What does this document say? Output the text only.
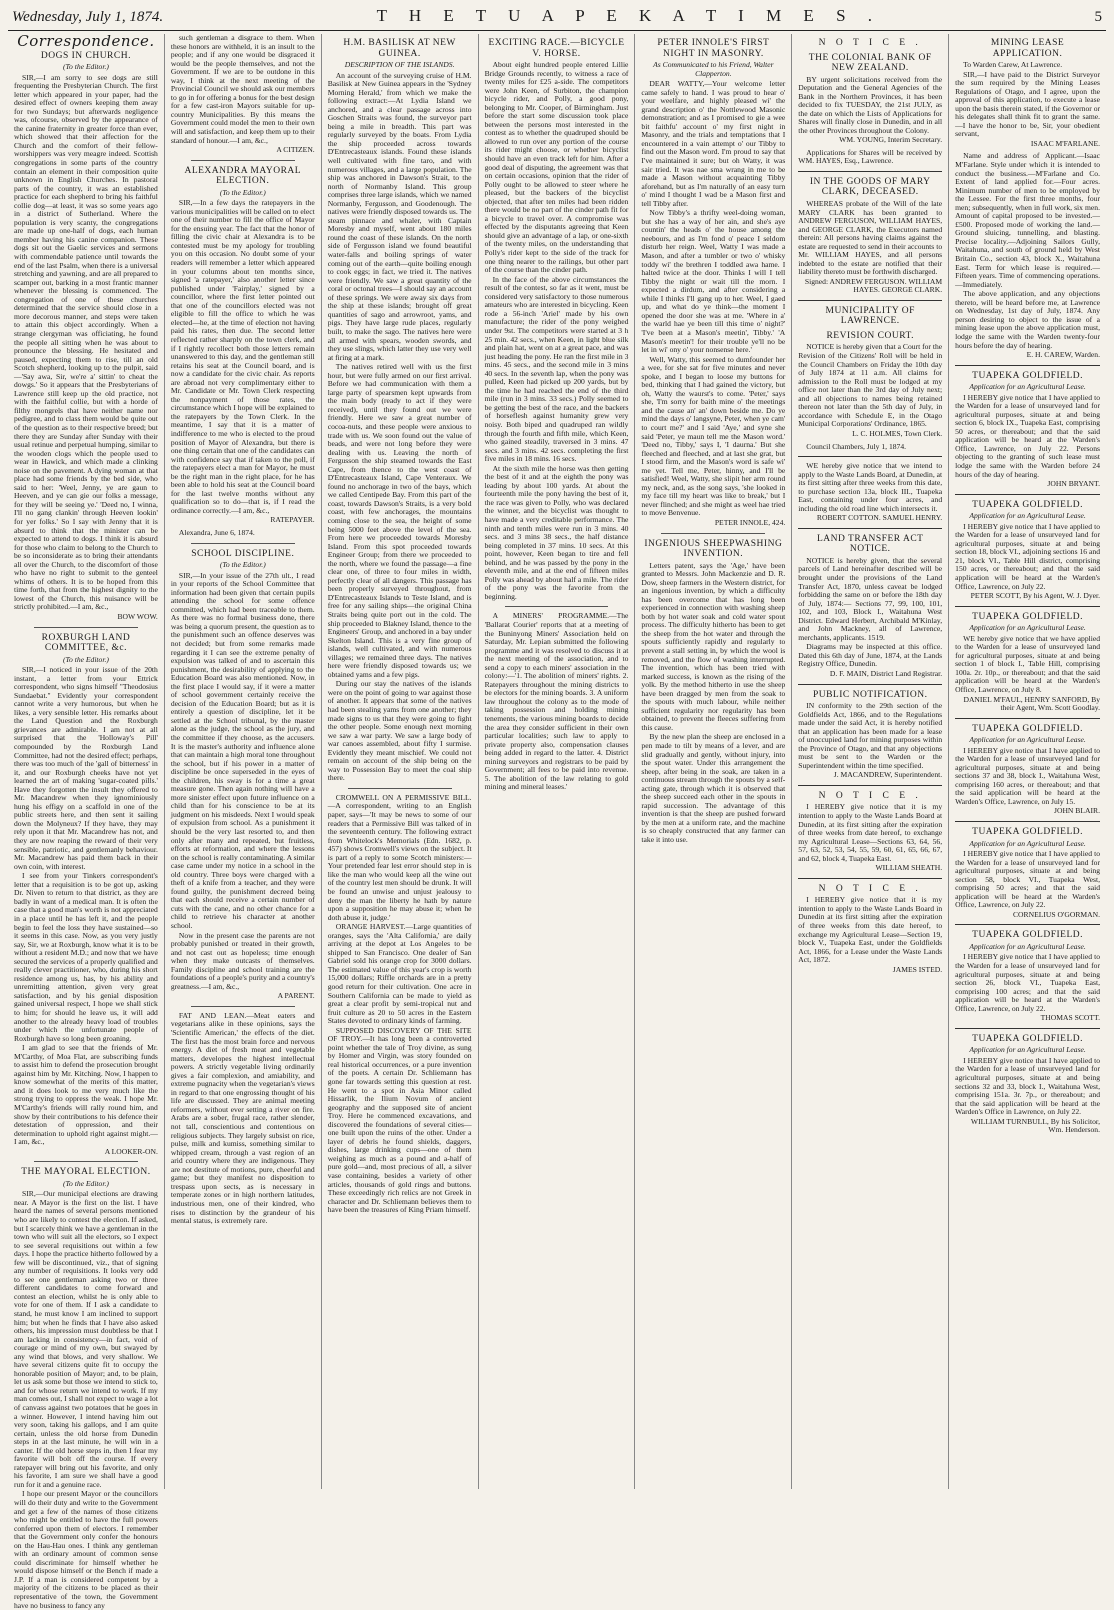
Wednesday, July 1, 1874.	T H E T U A P E K A T I M E S .	5
Correspondence.
DOGS IN CHURCH.
(To the Editor.)

SIR,—I am sorry to see dogs are still frequenting the Presbyterian Church. The first letter which appeared in your paper, had the desired effect of owners keeping them away for two Sundays; but afterwards negligence was, ofcourse, observed by the appearance of the canine fraternity in greater force than ever, which showed that their affection for the Church and the comfort of their fellow-worshippers was very meagre indeed. Scottish congregations in some parts of the country contain an element in their composition quite unknown in English Churches. In pastoral parts of the country, it was an established practice for each shepherd to bring his faithful collie dog—at least, it was so some years ago in a district of Sutherland. Where the population is very scanty, the congregations are made up one-half of dogs, each human member having his canine companion. These dogs sit out the Gaelic services and sermons with commendable patience until towards the end of the last Psalm, when there is a universal stretching and yawning, and are all prepared to scamper out, barking in a most frantic manner whenever the blessing is commenced. The congregation of one of these churches determined that the service should close in a more decorous manner, and steps were taken to attain this object accordingly. When a strange clergyman was officiating, he found the people all sitting when he was about to pronounce the blessing. He hesitated and paused, expecting them to rise, till an old Scotch shepherd, looking up to the pulpit, said—'Say awa, Sir, we're a' sittin' to cheat the dowgs.' So it appears that the Presbyterians of Lawrence still keep up the old practice, not with the faithful collie, but with a horde of filthy mongrels that have neither name nor pedigree, and to class them would be quite out of the question as to their respective breed; but there they are Sunday after Sunday with their usual retinue and perpetual humping, similar to the wooden clogs which the people used to wear in Hawick, and which made a clinking noise on the pavement. A dying woman at that place had some friends by the bed side, who said to her: 'Weel, Jenny, ye are gaun to Heeven, and ye can gie our folks a message, for they will be seeing ye.' 'Deed no, I winna, I'll no gang clankin' through Heeven lookin' for yer folks.' So I say with Jenny that it is absurd to think that the minister can be expected to attend to dogs. I think it is absurd for those who claim to belong to the Church to be so inconsiderate as to bring their attendants all over the Church, to the discomfort of those who have no right to submit to the genteel whims of others. It is to be hoped from this time forth, that from the highest dignity to the lowest of the Church, this nuisance will be strictly prohibited.—I am, &c.,

BOW WOW.
ROXBURGH LAND COMMITTEE, &c.
(To the Editor.)

SIR,—I noticed in your issue of the 20th instant, a letter from your Ettrick correspondent, who signs himself "Theodosius Sundaebat." Evidently your correspondent cannot write a very humorous, but when he likes, a very sensible letter. His remarks about the Land Question and the Roxburgh grievances are admirable. I am not at all surprised that the 'Holloway's Pill' compounded by the Roxburgh Land Committee, had not the desired effect; perhaps, there was too much of the 'gall of bitterness' in it, and our Roxburgh cheeks have not yet learned the art of making 'sugar-coated pills.' Have they forgotten the insult they offered to Mr. Macandrew when they ignominiously hung his effigy on a scaffold in one of the public streets here, and then sent it sailing down the Molyneux? If they have, they may rely upon it that Mr. Macandrew has not, and they are now reaping the reward of their very sensible, patriotic, and gentlemanly behaviour. Mr. Macandrew has paid them back in their own coin, with interest.

I see from your Tinkers correspondent's letter that a requisition is to be got up, asking Dr. Niven to return to that district, as they are badly in want of a medical man. It is often the case that a good man's worth is not appreciated in a place until he has left it, and the people begin to feel the loss they have sustained—so it seems in this case. Now, as you very justly say, Sir, we at Roxburgh, know what it is to be without a resident M.D.; and now that we have secured the services of a properly qualified and really clever practitioner, who, during his short residence among us, has, by his ability and unremitting attention, given very great satisfaction, and by his genial disposition gained universal respect, I hope we shall stick to him; for should he leave us, it will add another to the already heavy load of troubles under which the unfortunate people of Roxburgh have so long been groaning.

I am glad to see that the friends of Mr. M'Carthy, of Moa Flat, are subscribing funds to assist him to defend the prosecution brought against him by Mr. Kitching. Now, I happen to know somewhat of the merits of this matter, and it does look to me very much like the strong trying to oppress the weak. I hope Mr. M'Carthy's friends will rally round him, and show by their contributions to his defence their detestation of oppression, and their determination to uphold right against might.—I am, &c.,

A LOOKER-ON.
THE MAYORAL ELECTION.
(To the Editor.)

SIR,—Our municipal elections are drawing near. A Mayor is the first on the list. I have heard the names of several persons mentioned who are likely to contest the election. If asked, but I scarcely think we have a gentleman in the town who will suit all the electors, so I expect to see several requisitions out within a few days. I hope the practice hitherto followed by a few will be discontinued, viz., that of signing any number of requisitions. It looks very odd to see one gentleman asking two or three different candidates to come forward and contest an election, whilst he is only able to vote for one of them. If I ask a candidate to stand, he must know I am inclined to support him; but when he finds that I have also asked others, his impression must doubtless be that I am lacking in consistency—in fact, void of courage or mind of my own, but swayed by any wind that blows, and very shallow. We have several citizens quite fit to occupy the honorable position of Mayor; and, to be plain, let us ask some but those we intend to stick to, and for whose return we intend to work. If my man comes out, I shall not expect to wage a lot of canvass against two potatoes that he goes in a winner. However, I intend having him out very soon, taking his gallops, and I am quite certain, unless the old horse from Dunedin steps in at the last minute, he will win in a canter. If the old horse steps in, then I fear my favorite will bolt off the course. If every ratepayer will bring out his favorite, and only his favorite, I am sure we shall have a good run for it and a genuine race.

I hope our present Mayor or the councillors will do their duty and write to the Government and get a few of the names of those citizens who might be entitled to have the full powers conferred upon them of electors. I remember that the Government only confer the honours on the Hau-Hau ones. I think any gentleman with an ordinary amount of common sense could discriminate for himself whether he would dispose himself or the Bench if made a J.P. If a man is considered competent by a majority of the citizens to be placed as their representative of the town, the Government have no business to fancy any

such gentleman a disgrace to them. When these honors are withheld, it is an insult to the people; and if any one would be disgraced it would be the people themselves, and not the Government. If we are to be outdone in this way, I think at the next meeting of the Provincial Council we should ask our members to go in for offering a bonus for the best design for a few cast-iron Mayors suitable for up-country Municipalities. By this means the Government could model the men to their own will and satisfaction, and keep them up to their standard of honour.—I am, &c.,

A CITIZEN.
ALEXANDRA MAYORAL ELECTION.
(To the Editor.)

SIR,—In a few days the ratepayers in the various municipalities will be called on to elect one of their number to fill the office of Mayor for the ensuing year. The fact that the honor of filling the civic chair at Alexandra is to be contested must be my apology for troubling you on this occasion. No doubt some of your readers will remember a letter which appeared in your columns about ten months since, signed 'a ratepayer,' also another letter since published under 'Fairplay,' signed by a councillor, where the first letter pointed out that one of the councillors elected was not eligible to fill the office to which he was elected—he, at the time of election not having paid his rates, then due. The second letter reflected rather sharply on the town clerk, and if I rightly recollect both those letters remain unanswered to this day, and the gentleman still retains his seat at the Council board, and is now a candidate for the civic chair. As reports are abroad not very complimentary either to Mr. Candidate or Mr. Town Clerk respecting the nonpayment of those rates, the circumstance which I hope will be explained to the ratepayers by the Town Clerk. In the meantime, I say that it is a matter of indifference to me who is elected to the proud position of Mayor of Alexandra, but there is one thing certain that one of the candidates can with confidence say that if taken to the poll, if the ratepayers elect a man for Mayor, he must be the right man in the right place, for he has been able to hold his seat at the Council board for the last twelve months without any qualification so to do—that is, if I read the ordinance correctly.—I am, &c.,

RATEPAYER.

Alexandra, June 6, 1874.

SCHOOL DISCIPLINE.
(To the Editor.)

SIR,—In your issue of the 27th ult., I read in your reports of the School Committee that information had been given that certain pupils attending the school for some offence committed, which had been traceable to them. As there was no formal business done, there was being a quorum present, the question as to the punishment such an offence deserves was not decided; but from some remarks made regarding it I can see the extreme penalty of expulsion was talked of and to ascertain this punishment, the desirability of applying to the Education Board was also mentioned. Now, in the first place I would say, if it were a matter of school government certainly receive the decision of the Education Board; but as it is entirely a question of discipline, let it be settled at the School tribunal, by the master alone as the judge, the school as the jury, and the committee if they choose, as the accusers. It is the master's authority and influence alone that can maintain a high moral tone throughout the school, but if his power in a matter of discipline be once superseded in the eyes of the children, his sway is for a time a great measure gone. Then again nothing will have a more sinister effect upon future influence on a child than for his conscience to be at its judgment on his misdeeds. Next I would speak of expulsion from school. As a punishment it should be the very last resorted to, and then only after many and repeated, but fruitless, efforts at reformation, and where the lessons on the school is really contaminating. A similar case came under my notice in a school in the old country. Three boys were charged with a theft of a knife from a teacher, and they were found guilty, the punishment decreed being that each should receive a certain number of cuts with the cane, and no other chance for a child to retrieve his character at another school.

Now in the present case the parents are not probably punished or treated in their growth, and not cast out as hopeless; time enough when they make outcasts of themselves. Family discipline and school training are the foundations of a people's purity and a country's greatness.—I am, &c.,

A PARENT.

FAT AND LEAN.—Meat eaters and vegetarians alike in these opinions, says the 'Scientific American,' the effects of the diet. The first has the most brain force and nervous energy. A diet of fresh meat and vegetable matters, developes the highest intellectual powers. A strictly vegetable living ordinarily gives a fair complexion, and amiability, and extreme pugnacity when the vegetarian's views in regard to that one engrossing thought of his life are discussed. They are animal meeting reformers, without ever setting a river on fire. Arabs are a sober, frugal race, rather slender, not tall, conscientious and contentious on religious subjects. They largely subsist on rice, pulse, milk and kumiss, something similar to whipped cream, through a vast region of an arid country where they are indigenous. They are not destitute of motions, pure, cheerful and game; but they manifest no disposition to trespass upon sects, as is necessary in temperate zones or in high northern latitudes, industrious men, one of their kindred, who rises to distinction by the grandeur of his mental status, is extremely rare.

H.M. BASILISK AT NEW GUINEA.
DESCRIPTION OF THE ISLANDS.

An account of the surveying cruise of H.M. Basilisk at New Guinea appears in the 'Sydney Morning Herald,' from which we make the following extract:—At Lydia Island we anchored, and a clear passage across into Goschen Straits was found, the surveyor part being a mile in breadth. This part was regularly surveyed by the boats. From Lydia the ship proceeded across towards D'Entrecasteaux islands. Found these islands well cultivated with fine taro, and with numerous villages, and a large population. The ship was anchored in Dawson's Strait, to the north of Normanby Island. This group comprises three large islands, which we named Normanby, Fergusson, and Goodenough. The natives were friendly disposed towards us. The steam pinnace and whaler, with Captain Moresby and myself, went about 180 miles round the coast of these islands. On the north side of Fergusson island we found beautiful water-falls and boiling springs of water coming out of the earth—quite boiling enough to cook eggs; in fact, we tried it. The natives were friendly. We saw a great quantity of the coral or octonal trees—I should say an account of these springs. We were away six days from the ship at these islands; brought off great quantities of sago and arrowroot, yams, and pigs. They have large rude places, regularly built, to make the sago. The natives here were all armed with spears, wooden swords, and they use slings, which latter they use very well at firing at a mark.

The natives retired well with us the first hour, but were fully armed on our first arrival. Before we had communication with them a large party of spearsmen kept upwards from the main body (ready to act if they were received), until they found out we were friendly. Here we saw a great number of cocoa-nuts, and these people were anxious to trade with us. We soon found out the value of beads, and were not long before they were dealing with us. Leaving the north of Fergusson the ship steamed towards the East Cape, from thence to the west coast of D'Entrecasteaux Island, Cape Venteraux. We found no anchorage in two of the bays, which we called Centipede Bay. From this part of the coast, towards Dawson's Straits, is a very bold coast, with few anchorages, the mountains coming close to the sea, the height of some being 5000 feet above the level of the sea. From here we proceeded towards Moresby Island. From this spot proceeded towards Engineer Group; from there we proceeded to the north, where we found the passage—a fine clear one, of three to four miles in width, perfectly clear of all dangers. This passage has been properly surveyed throughout, from D'Entrecasteaux Islands to Teste Island, and is free for any sailing ships—the original China Straits being quite port out in the cold. The ship proceeded to Blakney Island, thence to the Engineers' Group, and anchored in a bay under Skelton Island. This is a very fine group of islands, well cultivated, and with numerous villages; we remained three days. The natives here were friendly disposed towards us; we obtained yams and a few pigs.

During our stay the natives of the islands were on the point of going to war against those of another. It appears that some of the natives had been stealing yams from one another; they made signs to us that they were going to fight the other people. Some enough next morning we saw a war party. We saw a large body of war canoes assembled, about fifty I surmise. Evidently they meant mischief. We could not remain on account of the ship being on the way to Possession Bay to meet the coal ship there.

CROMWELL ON A PERMISSIVE BILL.—A correspondent, writing to an English paper, says—'It may be news to some of our readers that a Permissive Bill was talked of in the seventeenth century. The following extract from Whitelock's Memorials (Edn. 1682, p. 457) shows Cromwell's views on the subject. It is part of a reply to some Scotch ministers:—Your pretended fear lest error should step in is like the man who would keep all the wine out of the country lest men should be drunk. It will be found an unwise and unjust jealousy to deny the man the liberty he hath by nature upon a supposition he may abuse it; when he doth abuse it, judge.'

ORANGE HARVEST.—Large quantities of oranges, says the 'Alta California,' are daily arriving at the depot at Los Angeles to be shipped to San Francisco. One dealer of San Gabriel sold his orange crop for 3000 dollars. The estimated value of this year's crop is worth 15,000 dollars; Riffle orchards are in a pretty good return for their cultivation. One acre in Southern California can be made to yield as great a clear profit by semi-tropical nut and fruit culture as 20 to 50 acres in the Eastern States devoted to ordinary kinds of farming.

SUPPOSED DISCOVERY OF THE SITE OF TROY.—It has long been a controverted point whether the tale of Troy divine, as sung by Homer and Virgin, was story founded on real historical occurrences, or a pure invention of the poets. A certain Dr. Schliemann has gone far towards setting this question at rest. He went to a spot in Asia Minor called Hissarlik, the Ilium Novum of ancient geography and the supposed site of ancient Troy. Here he commenced excavations, and discovered the foundations of several cities—one built upon the ruins of the other. Under a layer of debris he found shields, daggers, dishes, large drinking cups—one of them weighing as much as a pound and a-half of pure gold—and, most precious of all, a silver vase containing, besides a variety of other articles, thousands of gold rings and buttons. These exceedingly rich relics are not Greek in character and Dr. Schliemann believes them to have been the treasures of King Priam himself.

EXCITING RACE.—BICYCLE V. HORSE.

About eight hundred people entered Lillie Bridge Grounds recently, to witness a race of twenty miles for £25 a-side. The competitors were John Keen, of Surbiton, the champion bicycle rider, and Polly, a good pony, belonging to Mr. Cooper, of Birmingham. Just before the start some discussion took place between the persons most interested in the contest as to whether the quadruped should be allowed to run over any portion of the course its rider might choose, or whether bicyclist should have an even track left for him. After a good deal of disputing, the agreement was that on certain occasions, opinion that the rider of Polly ought to be allowed to steer where he pleased, but the backers of the bicyclist objected, that after ten miles had been ridden there would be no part of the cinder path fit for a bicycle to travel over. A compromise was effected by the disputants agreeing that Keen should give an advantage of a lap, or one-sixth of the twenty miles, on the understanding that Polly's rider kept to the side of the track for one thing nearer to the railings, but other part of the course than the cinder path.

In the face of the above circumstances the result of the contest, so far as it went, must be considered very satisfactory to those numerous amateurs who are interested in bicycling. Keen rode a 56-inch 'Ariel' made by his own manufacture; the rider of the pony weighed under 9st. The competitors were started at 3 h 25 min. 42 secs., when Keen, in light blue silk and plain hat, went on at a great pace, and was just heading the pony. He ran the first mile in 3 mins. 45 secs., and the second mile in 3 mins 40 secs. In the seventh lap, when the pony was pulled, Keen had picked up 200 yards, but by the time he had reached the end of the third mile (run in 3 mins. 33 secs.) Polly seemed to be getting the best of the race, and the backers of horseflesh against humanity grew very noisy. Both biped and quadruped ran wildly through the fourth and fifth mile, which Keen, who gained steadily, traversed in 3 mins. 47 secs. and 3 mins. 42 secs. completing the first five miles in 18 mins. 16 secs.

At the sixth mile the horse was then getting the best of it and at the eighth the pony was leading by about 100 yards. At about the fourteenth mile the pony having the best of it, the race was given to Polly, who was declared the winner, and the bicyclist was thought to have made a very creditable performance. The ninth and tenth miles were run in 3 mins. 40 secs. and 3 mins 38 secs., the half distance being completed in 37 mins. 10 secs. At this point, however, Keen began to tire and fell behind, and he was passed by the pony in the eleventh mile, and at the end of fifteen miles Polly was ahead by about half a mile. The rider of the pony was the favorite from the beginning.

A MINERS' PROGRAMME.—The 'Ballarat Courier' reports that at a meeting of the Buninyong Miners' Association held on Saturday, Mr. Lepian submitted the following programme and it was resolved to discuss it at the next meeting of the association, and to send a copy to each miners' association in the colony:—'1. The abolition of miners' rights. 2. Ratepayers throughout the mining districts to be electors for the mining boards. 3. A uniform law throughout the colony as to the mode of taking possession and holding mining tenements, the various mining boards to decide the area they consider sufficient in their own particular localities; such law to apply to private property also, compensation clauses being added in regard to the latter. 4. District mining surveyors and registrars to be paid by Government; all fees to be paid into revenue. 5. The abolition of the law relating to gold mining and mineral leases.'

PETER INNOLE'S FIRST NIGHT IN MASONRY.
As Communicated to his Friend, Walter Clapperton.

DEAR WATTY,—Your welcome letter came safely to hand. I was proud to hear o' your weelfare, and highly pleased wi' the grand description o' the Nottlewood Masonic demonstration; and as I promised to gie a wee bit faithfu' account o' my first night in Masonry, and the trials and temptations that I encountered in a vain attempt o' our Tibby to find out the Mason word. I'm proud to say that I've maintained it sure; but oh Watty, it was sair tried. It was nae sma wrang in me to be made a Mason without acquainting Tibby aforehand, but as I'm naturally of an easy turn o' mind I thought I wad be a Mason first and tell Tibby after.

Now Tibby's a thrifty weel-doing woman, but she has a way of her ain, and she's aye countin' the heads o' the house among the neebours, and as I'm fond o' peace I seldom disturb her reign. Weel, Watty I was made a Mason, and after a tumbler or two o' whisky toddy wi' the brethren I toddled awa hame. I halted twice at the door. Thinks I will I tell Tibby the night or wait till the morn. I expected a dirdum, and after considering a while I thinks I'll gang up to her. Weel, I gaed up, and what do ye think—the moment I opened the door she was at me. 'Where in a' the warld hae ye been till this time o' night?' 'I've been at a Mason's meetin', Tibby.' 'A Mason's meetin'! for their trouble ye'll no be let in wi' ony o' your nonsense here.'

Well, Watty, this seemed to dumfounder her a wee, for she sat for five minutes and never spoke, and I began to loose my buttons for bed, thinking that I had gained the victory, but oh, Watty the waurst's to come. 'Peter,' says she, 'I'm sorry for baith mine o' the meetings and the cause an' an' down beside me. Do ye mind the days o' langsyne, Peter, when ye cam' to court me?' and I said 'Aye,' and syne she said 'Peter, ye maun tell me the Mason word.' 'Deed no, Tibby,' says I, 'I daurna.' But she fleeched and fleeched, and at last she grat, but I stood firm, and the Mason's word is safe wi' me yet. Tell me, Peter, hinny, and I'll be satisfied! Weel, Watty, she slipit her arm round my neck, and, as the song says, 'she looked in my face till my heart was like to break,' but I never flinched; and she might as weel hae tried to move Benvenue.

PETER INNOLE, 424.
INGENIOUS SHEEPWASHING INVENTION.

Letters patent, says the 'Age,' have been granted to Messrs. John Mackenzie and D. R. Dow, sheep farmers in the Western district, for an ingenious invention, by which a difficulty has been overcome that has long been experienced in connection with washing sheep both by hot water soak and cold water spout process. The difficulty hitherto has been to get the sheep from the hot water and through the spouts sufficiently rapidly and regularly to prevent a stall setting in, by which the wool is removed, and the flow of washing interrupted. The invention, which has been tried with marked success, is known as the rising of the yolk. By the method hitherto in use the sheep have been dragged by men from the soak to the spouts with much labour, while neither sufficient regularity nor regularity has been obtained, to prevent the fleeces suffering from this cause.

By the new plan the sheep are enclosed in a pen made to tilt by means of a lever, and are slid gradually and gently, without injury, into the spout water. Under this arrangement the sheep, after being in the soak, are taken in a continuous stream through the spouts by a self-acting gate, through which it is observed that the sheep succeed each other in the spouts in rapid succession. The advantage of this invention is that the sheep are pushed forward by the men at a uniform rate, and the machine is so cheaply constructed that any farmer can take it into use.

N O T I C E .
THE COLONIAL BANK OF NEW ZEALAND.

BY urgent solicitations received from the Deputation and the General Agencies of the Bank in the Northern Provinces, it has been decided to fix TUESDAY, the 21st JULY, as the date on which the Lists of Applications for Shares will finally close in Dunedin, and in all the other Provinces throughout the Colony.

WM. YOUNG, Interim Secretary.

Applications for Shares will be received by WM. HAYES, Esq., Lawrence.

IN THE GOODS OF MARY CLARK, DECEASED.

WHEREAS probate of the Will of the late MARY CLARK has been granted to ANDREW FERGUSON, WILLIAM HAYES, and GEORGE CLARK, the Executors named therein: All persons having claims against the estate are requested to send in their accounts to Mr. WILLIAM HAYES, and all persons indebted to the estate are notified that their liability thereto must be forthwith discharged.

Signed: ANDREW FERGUSON. WILLIAM HAYES. GEORGE CLARK.
MUNICIPALITY OF LAWRENCE.
REVISION COURT.

NOTICE is hereby given that a Court for the Revision of the Citizens' Roll will be held in the Council Chambers on Friday the 10th day of July 1874 at 11 a.m. All claims for admission to the Roll must be lodged at my office not later than the 3rd day of July next; and all objections to names being retained thereon not later than the 5th day of July, in accordance with Schedule E, in the Otago Municipal Corporations' Ordinance, 1865.

L. C. HOLMES, Town Clerk.

Council Chambers, July 1, 1874.

WE hereby give notice that we intend to apply to the Waste Lands Board, at Dunedin, at its first sitting after three weeks from this date, to purchase section 13a, block III., Tuapeka East, containing under four acres, and including the old road line which intersects it.

ROBERT COTTON. SAMUEL HENRY.
LAND TRANSFER ACT NOTICE.

NOTICE is hereby given, that the several parcels of Land hereinafter described will be brought under the provisions of the Land Transfer Act, 1870, unless caveat be lodged forbidding the same on or before the 18th day of July, 1874:— Sections 77, 99, 100, 101, 102, and 103, Block I., Waitahuna West District. Edward Herbert, Archibald M'Kinlay, and John Mackney, all of Lawrence, merchants, applicants. 1519.

Diagrams may be inspected at this office. Dated this 6th day of June, 1874, at the Lands Registry Office, Dunedin.

D. F. MAIN, District Land Registrar.
PUBLIC NOTIFICATION.

IN conformity to the 29th section of the Goldfields Act, 1866, and to the Regulations made under the said Act, it is hereby notified that an application has been made for a lease of unoccupied land for mining purposes within the Province of Otago, and that any objections must be sent to the Warden or the Superintendent within the time specified.

J. MACANDREW, Superintendent.
N O T I C E .

I HEREBY give notice that it is my intention to apply to the Waste Lands Board at Dunedin, at its first sitting after the expiration of three weeks from date hereof, to exchange my Agricultural Lease—Sections 63, 64, 56, 57, 63, 52, 53, 54, 55, 59, 60, 61, 65, 66, 67, and 62, block 4, Tuapeka East.

WILLIAM SHEATH.
N O T I C E .

I HEREBY give notice that it is my intention to apply to the Waste Lands Board in Dunedin at its first sitting after the expiration of three weeks from this date hereof, to exchange my Agricultural Lease—Section 19, block V., Tuapeka East, under the Goldfields Act, 1866, for a Lease under the Waste Lands Act, 1872.

JAMES ISTED.
MINING LEASE APPLICATION.

To Warden Carew, At Lawrence.

SIR,—I have paid to the District Surveyor the sum required by the Mining Leases Regulations of Otago, and I agree, upon the approval of this application, to execute a lease upon the basis therein stated, if the Governor or his delegates shall think fit to grant the same.—I have the honor to be, Sir, your obedient servant,

ISAAC M'FARLANE.

Name and address of Applicant.—Isaac M'Farlane. Style under which it is intended to conduct the business.—M'Farlane and Co. Extent of land applied for.—Four acres. Minimum number of men to be employed by the Lessee. For the first three months, four men; subsequently, when in full work, six men. Amount of capital proposed to be invested.—£500. Proposed mode of working the land.—Ground sluicing, tunnelling, and blasting. Precise locality.—Adjoining Sailors Gully, Waitahuna, and south of ground held by West Britain Co., section 43, block X., Waitahuna East. Term for which lease is required.—Fifteen years. Time of commencing operations.—Immediately.

The above application, and any objections thereto, will be heard before me, at Lawrence on Wednesday, 1st day of July, 1874. Any person desiring to object to the issue of a mining lease upon the above application must, lodge the same with the Warden twenty-four hours before the day of hearing.

E. H. CAREW, Warden.
TUAPEKA GOLDFIELD.
Application for an Agricultural Lease.

I HEREBY give notice that I have applied to the Warden for a lease of unsurveyed land for agricultural purposes, situate at and being section 6, block IX., Tuapeka East, comprising 50 acres, or thereabout; and that the said application will be heard at the Warden's Office, Lawrence, on July 22. Persons objecting to the granting of such lease must lodge the same with the Warden before 24 hours of the day of hearing.

JOHN BRYANT.
TUAPEKA GOLDFIELD.
Application for an Agricultural Lease.

I HEREBY give notice that I have applied to the Warden for a lease of unsurveyed land for agricultural purposes, situate at and being section 18, block VI., adjoining sections 16 and 21, block VI., Table Hill district, comprising 150 acres, or thereabout; and that the said application will be heard at the Warden's Office, Lawrence, on July 22.

PETER SCOTT, By his Agent, W. J. Dyer.
TUAPEKA GOLDFIELD.
Application for an Agricultural Lease.

WE hereby give notice that we have applied to the Warden for a lease of unsurveyed land for agricultural purposes, situate at and being section 1 of block I., Table Hill, comprising 100a. 2r. 10p., or thereabout; and that the said application will be heard at the Warden's Office, Lawrence, on July 8.

DANIEL M'FAUL, HENRY SANFORD, By their Agent, Wm. Scott Goodlay.
TUAPEKA GOLDFIELD.
Application for an Agricultural Lease.

I HEREBY give notice that I have applied to the Warden for a lease of unsurveyed land for agricultural purposes, situate at and being sections 37 and 38, block I., Waitahuna West, comprising 160 acres, or thereabout; and that the said application will be heard at the Warden's Office, Lawrence, on July 15.

JOHN BLAIR.
TUAPEKA GOLDFIELD.
Application for an Agricultural Lease.

I HEREBY give notice that I have applied to the Warden for a lease of unsurveyed land for agricultural purposes, situate at and being section 58, block VI., Tuapeka West, comprising 50 acres; and that the said application will be heard at the Warden's Office, Lawrence, on July 22.

CORNELIUS O'GORMAN.
TUAPEKA GOLDFIELD.
Application for an Agricultural Lease.

I HEREBY give notice that I have applied to the Warden for a lease of unsurveyed land for agricultural purposes, situate at and being section 26, block VI., Tuapeka East, comprising 100 acres; and that the said application will be heard at the Warden's Office, Lawrence, on July 22.

THOMAS SCOTT.
TUAPEKA GOLDFIELD.
Application for an Agricultural Lease.

I HEREBY give notice that I have applied to the Warden for a lease of unsurveyed land for agricultural purposes, situate at and being sections 32 and 33, block I., Waitahuna West, comprising 151a. 3r. 7p., or thereabout; and that the said application will be heard at the Warden's Office in Lawrence, on July 22.

WILLIAM TURNBULL, By his Solicitor, Wm. Henderson.
